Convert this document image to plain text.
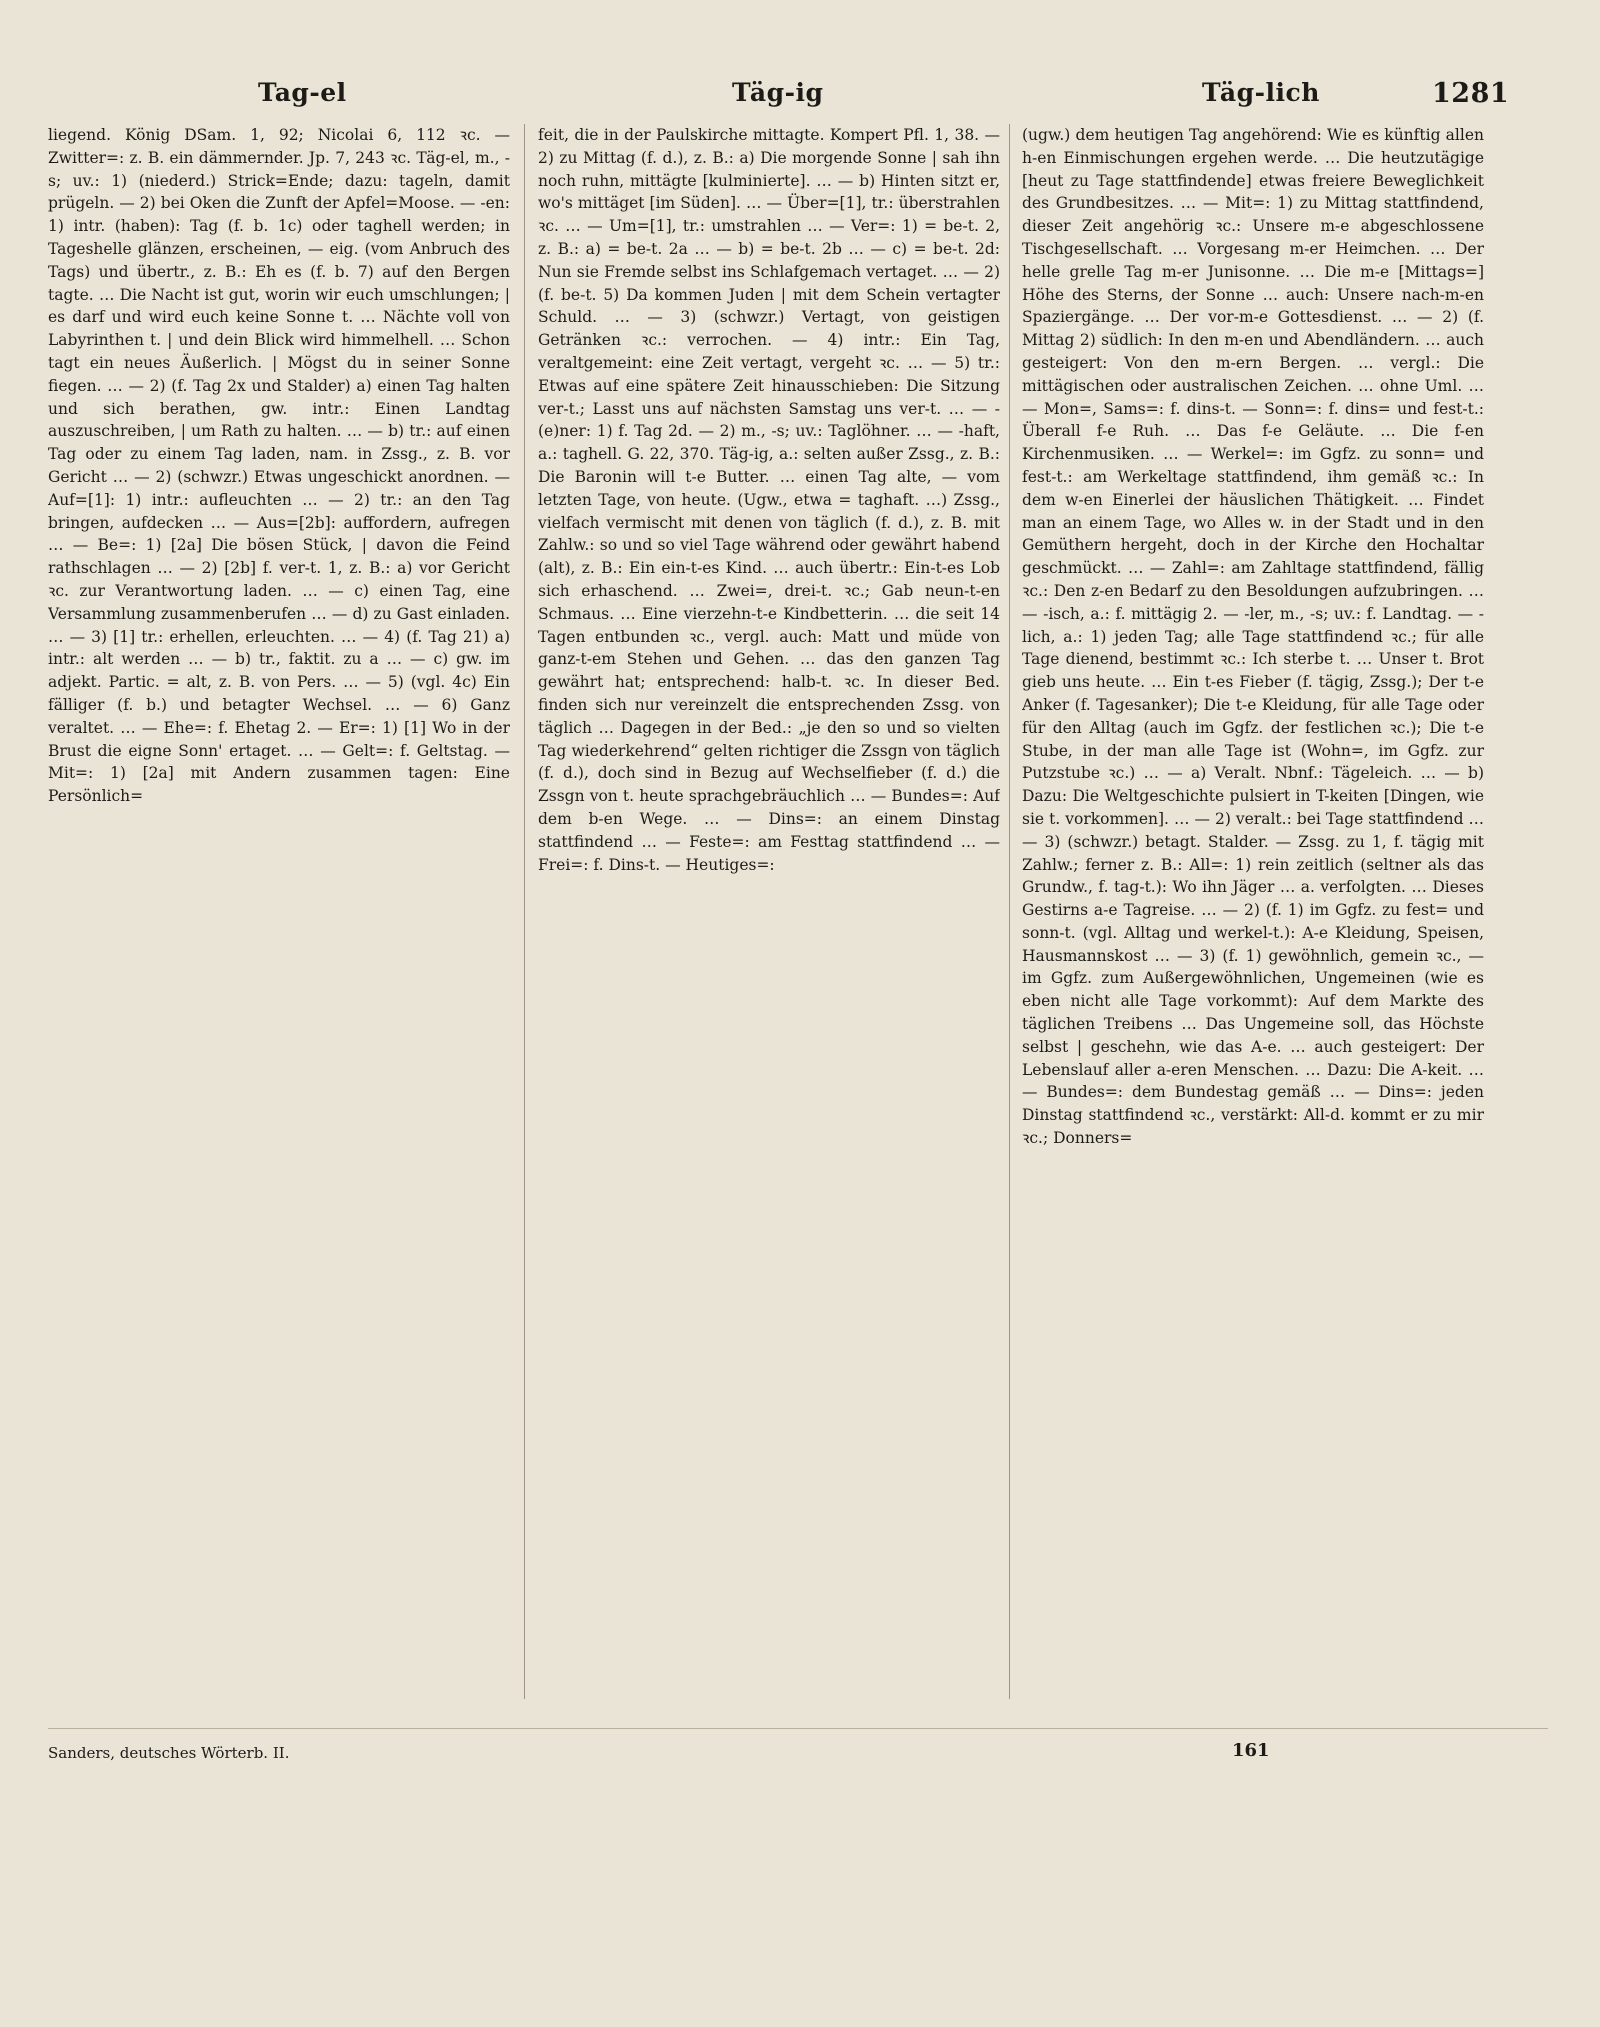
Tag-el	Täg-ig	Täg-lich	1281

liegend. König DSam. 1, 92; Nicolai 6, 112 ꝛc. — Zwitter=: z. B. ein dämmernder. Jp. 7, 243 ꝛc. Täg-el, m., -s; uv.: 1) (niederd.) Strick=Ende; dazu: tageln, damit prügeln. — 2) bei Oken die Zunft der Apfel=Moose. — -en: 1) intr. (haben): Tag (f. b. 1c) oder taghell werden; in Tageshelle glänzen, erscheinen, — eig. (vom Anbruch des Tags) und übertr., z. B.: Eh es (f. b. 7) auf den Bergen tagte. … Die Nacht ist gut, worin wir euch umschlungen; | es darf und wird euch keine Sonne t. … Nächte voll von Labyrinthen t. | und dein Blick wird himmelhell. … Schon tagt ein neues Äußerlich. | Mögst du in seiner Sonne fiegen. … — 2) (f. Tag 2x und Stalder) a) einen Tag halten und sich berathen, gw. intr.: Einen Landtag auszuschreiben, | um Rath zu halten. … — b) tr.: auf einen Tag oder zu einem Tag laden, nam. in Zssg., z. B. vor Gericht … — 2) (schwzr.) Etwas ungeschickt anordnen. — Auf=[1]: 1) intr.: aufleuchten … — 2) tr.: an den Tag bringen, aufdecken … — Aus=[2b]: auffordern, aufregen … — Be=: 1) [2a] Die bösen Stück, | davon die Feind rathschlagen … — 2) [2b] f. ver-t. 1, z. B.: a) vor Gericht ꝛc. zur Verantwortung laden. … — c) einen Tag, eine Versammlung zusammenberufen … — d) zu Gast einladen. … — 3) [1] tr.: erhellen, erleuchten. … — 4) (f. Tag 21) a) intr.: alt werden … — b) tr., faktit. zu a … — c) gw. im adjekt. Partic. = alt, z. B. von Pers. … — 5) (vgl. 4c) Ein fälliger (f. b.) und betagter Wechsel. … — 6) Ganz veraltet. … — Ehe=: f. Ehetag 2. — Er=: 1) [1] Wo in der Brust die eigne Sonn' ertaget. … — Gelt=: f. Geltstag. — Mit=: 1) [2a] mit Andern zusammen tagen: Eine Persönlich=

feit, die in der Paulskirche mittagte. Kompert Pfl. 1, 38. — 2) zu Mittag (f. d.), z. B.: a) Die morgende Sonne | sah ihn noch ruhn, mittägte [kulminierte]. … — b) Hinten sitzt er, wo's mittäget [im Süden]. … — Über=[1], tr.: überstrahlen ꝛc. … — Um=[1], tr.: umstrahlen … — Ver=: 1) = be-t. 2, z. B.: a) = be-t. 2a … — b) = be-t. 2b … — c) = be-t. 2d: Nun sie Fremde selbst ins Schlafgemach vertaget. … — 2) (f. be-t. 5) Da kommen Juden | mit dem Schein vertagter Schuld. … — 3) (schwzr.) Vertagt, von geistigen Getränken ꝛc.: verrochen. — 4) intr.: Ein Tag, veraltgemeint: eine Zeit vertagt, vergeht ꝛc. … — 5) tr.: Etwas auf eine spätere Zeit hinausschieben: Die Sitzung ver-t.; Lasst uns auf nächsten Samstag uns ver-t. … — -(e)ner: 1) f. Tag 2d. — 2) m., -s; uv.: Taglöhner. … — -haft, a.: taghell. G. 22, 370. Täg-ig, a.: selten außer Zssg., z. B.: Die Baronin will t-e Butter. … einen Tag alte, — vom letzten Tage, von heute. (Ugw., etwa = taghaft. …) Zssg., vielfach vermischt mit denen von täglich (f. d.), z. B. mit Zahlw.: so und so viel Tage während oder gewährt habend (alt), z. B.: Ein ein-t-es Kind. … auch übertr.: Ein-t-es Lob sich erhaschend. … Zwei=, drei-t. ꝛc.; Gab neun-t-en Schmaus. … Eine vierzehn-t-e Kindbetterin. … die seit 14 Tagen entbunden ꝛc., vergl. auch: Matt und müde von ganz-t-em Stehen und Gehen. … das den ganzen Tag gewährt hat; entsprechend: halb-t. ꝛc. In dieser Bed. finden sich nur vereinzelt die entsprechenden Zssg. von täglich … Dagegen in der Bed.: „je den so und so vielten Tag wiederkehrend“ gelten richtiger die Zssgn von täglich (f. d.), doch sind in Bezug auf Wechselfieber (f. d.) die Zssgn von t. heute sprachgebräuchlich … — Bundes=: Auf dem b-en Wege. … — Dins=: an einem Dinstag stattfindend … — Feste=: am Festtag stattfindend … — Frei=: f. Dins-t. — Heutiges=:

(ugw.) dem heutigen Tag angehörend: Wie es künftig allen h-en Einmischungen ergehen werde. … Die heutzutägige [heut zu Tage stattfindende] etwas freiere Beweglichkeit des Grundbesitzes. … — Mit=: 1) zu Mittag stattfindend, dieser Zeit angehörig ꝛc.: Unsere m-e abgeschlossene Tischgesellschaft. … Vorgesang m-er Heimchen. … Der helle grelle Tag m-er Junisonne. … Die m-e [Mittags=] Höhe des Sterns, der Sonne … auch: Unsere nach-m-en Spaziergänge. … Der vor-m-e Gottesdienst. … — 2) (f. Mittag 2) südlich: In den m-en und Abendländern. … auch gesteigert: Von den m-ern Bergen. … vergl.: Die mittägischen oder australischen Zeichen. … ohne Uml. … — Mon=, Sams=: f. dins-t. — Sonn=: f. dins= und fest-t.: Überall f-e Ruh. … Das f-e Geläute. … Die f-en Kirchenmusiken. … — Werkel=: im Ggfz. zu sonn= und fest-t.: am Werkeltage stattfindend, ihm gemäß ꝛc.: In dem w-en Einerlei der häuslichen Thätigkeit. … Findet man an einem Tage, wo Alles w. in der Stadt und in den Gemüthern hergeht, doch in der Kirche den Hochaltar geschmückt. … — Zahl=: am Zahltage stattfindend, fällig ꝛc.: Den z-en Bedarf zu den Besoldungen aufzubringen. … — -isch, a.: f. mittägig 2. — -ler, m., -s; uv.: f. Landtag. — -lich, a.: 1) jeden Tag; alle Tage stattfindend ꝛc.; für alle Tage dienend, bestimmt ꝛc.: Ich sterbe t. … Unser t. Brot gieb uns heute. … Ein t-es Fieber (f. tägig, Zssg.); Der t-e Anker (f. Tagesanker); Die t-e Kleidung, für alle Tage oder für den Alltag (auch im Ggfz. der festlichen ꝛc.); Die t-e Stube, in der man alle Tage ist (Wohn=, im Ggfz. zur Putzstube ꝛc.) … — a) Veralt. Nbnf.: Tägeleich. … — b) Dazu: Die Weltgeschichte pulsiert in T-keiten [Dingen, wie sie t. vorkommen]. … — 2) veralt.: bei Tage stattfindend … — 3) (schwzr.) betagt. Stalder. — Zssg. zu 1, f. tägig mit Zahlw.; ferner z. B.: All=: 1) rein zeitlich (seltner als das Grundw., f. tag-t.): Wo ihn Jäger … a. verfolgten. … Dieses Gestirns a-e Tagreise. … — 2) (f. 1) im Ggfz. zu fest= und sonn-t. (vgl. Alltag und werkel-t.): A-e Kleidung, Speisen, Hausmannskost … — 3) (f. 1) gewöhnlich, gemein ꝛc., — im Ggfz. zum Außergewöhnlichen, Ungemeinen (wie es eben nicht alle Tage vorkommt): Auf dem Markte des täglichen Treibens … Das Ungemeine soll, das Höchste selbst | geschehn, wie das A-e. … auch gesteigert: Der Lebenslauf aller a-eren Menschen. … Dazu: Die A-keit. … — Bundes=: dem Bundestag gemäß … — Dins=: jeden Dinstag stattfindend ꝛc., verstärkt: All-d. kommt er zu mir ꝛc.; Donners=

Sanders, deutsches Wörterb. II.	161
